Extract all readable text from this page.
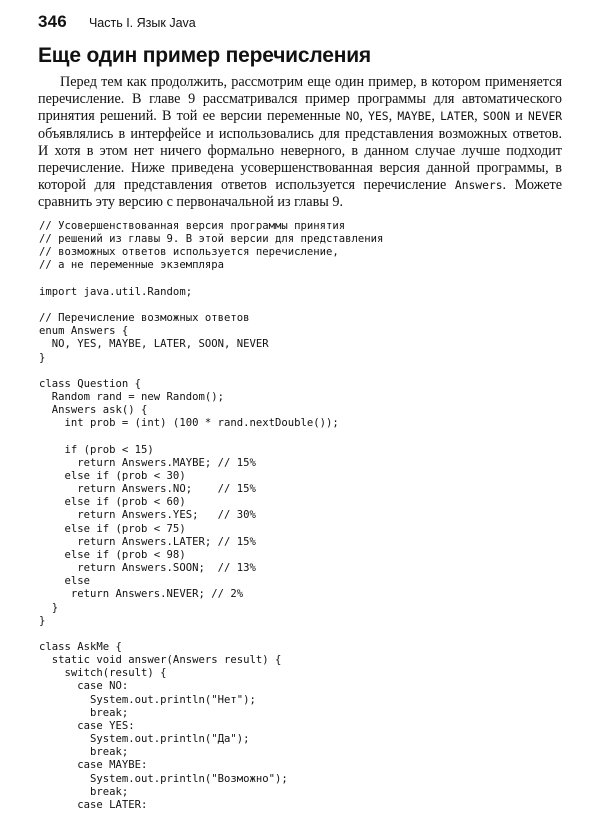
346 Часть I. Язык Java
Еще один пример перечисления

Перед тем как продолжить, рассмотрим еще один пример, в котором применяется перечисление. В главе 9 рассматривался пример программы для автоматического принятия решений. В той ее версии переменные NO, YES, MAYBE, LATER, SOON и NEVER объявлялись в интерфейсе и использовались для представления возможных ответов. И хотя в этом нет ничего формально неверного, в данном случае лучше подходит перечисление. Ниже приведена усовершенствованная версия данной программы, в которой для представления ответов используется перечисление Answers. Можете сравнить эту версию с первоначальной из главы 9.

// Усовершенствованная версия программы принятия
// решений из главы 9. В этой версии для представления
// возможных ответов используется перечисление,
// а не переменные экземпляра

import java.util.Random;

// Перечисление возможных ответов
enum Answers {
NO, YES, MAYBE, LATER, SOON, NEVER
}

class Question {
Random rand = new Random();
Answers ask() {
int prob = (int) (100 * rand.nextDouble());

if (prob < 15)
return Answers.MAYBE; // 15%
else if (prob < 30)
return Answers.NO;    // 15%
else if (prob < 60)
return Answers.YES;   // 30%
else if (prob < 75)
return Answers.LATER; // 15%
else if (prob < 98)
return Answers.SOON;  // 13%
else
return Answers.NEVER; // 2%
}
}

class AskMe {
static void answer(Answers result) {
switch(result) {
case NO:
System.out.println("Нет");
break;
case YES:
System.out.println("Да");
break;
case MAYBE:
System.out.println("Возможно");
break;
case LATER:
